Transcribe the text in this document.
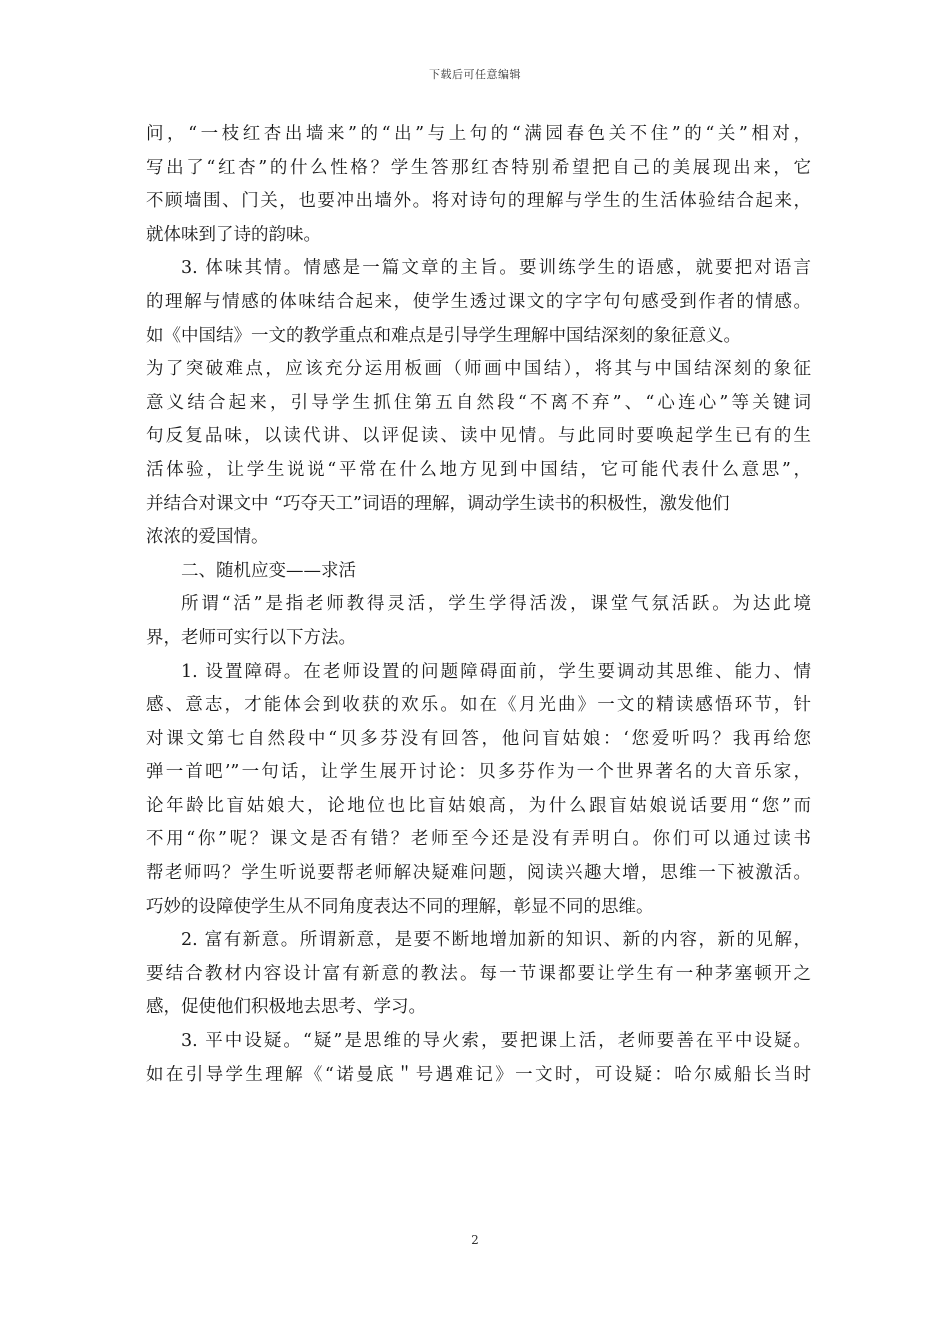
下载后可任意编辑
问，“一枝红杏出墙来”的“出”与上句的“满园春色关不住”的“关”相对，
写出了“红杏”的什么性格？学生答那红杏特别希望把自己的美展现出来，它
不顾墙围、门关，也要冲出墙外。将对诗句的理解与学生的生活体验结合起来，
就体味到了诗的韵味。
3. 体味其情。情感是一篇文章的主旨。要训练学生的语感，就要把对语言
的理解与情感的体味结合起来，使学生透过课文的字字句句感受到作者的情感。
如《中国结》一文的教学重点和难点是引导学生理解中国结深刻的象征意义。
为了突破难点，应该充分运用板画（师画中国结），将其与中国结深刻的象征
意义结合起来，引导学生抓住第五自然段“不离不弃”、“心连心”等关键词
句反复品味，以读代讲、以评促读、读中见情。与此同时要唤起学生已有的生
活体验，让学生说说“平常在什么地方见到中国结，它可能代表什么意思”，
并结合对课文中 “巧夺天工”词语的理解，调动学生读书的积极性，激发他们
浓浓的爱国情。
二、随机应变——求活
所谓“活”是指老师教得灵活，学生学得活泼，课堂气氛活跃。为达此境
界，老师可实行以下方法。
1. 设置障碍。在老师设置的问题障碍面前，学生要调动其思维、能力、情
感、意志，才能体会到收获的欢乐。如在《月光曲》一文的精读感悟环节，针
对课文第七自然段中“贝多芬没有回答，他问盲姑娘：‘您爱听吗？我再给您
弹一首吧’”一句话，让学生展开讨论：贝多芬作为一个世界著名的大音乐家，
论年龄比盲姑娘大，论地位也比盲姑娘高，为什么跟盲姑娘说话要用“您”而
不用“你”呢？课文是否有错？老师至今还是没有弄明白。你们可以通过读书
帮老师吗？学生听说要帮老师解决疑难问题，阅读兴趣大增，思维一下被激活。
巧妙的设障使学生从不同角度表达不同的理解，彰显不同的思维。
2. 富有新意。所谓新意，是要不断地增加新的知识、新的内容，新的见解，
要结合教材内容设计富有新意的教法。每一节课都要让学生有一种茅塞顿开之
感，促使他们积极地去思考、学习。
3. 平中设疑。“疑”是思维的导火索，要把课上活，老师要善在平中设疑。
如在引导学生理解《“诺曼底＂号遇难记》一文时，可设疑：哈尔威船长当时
2
